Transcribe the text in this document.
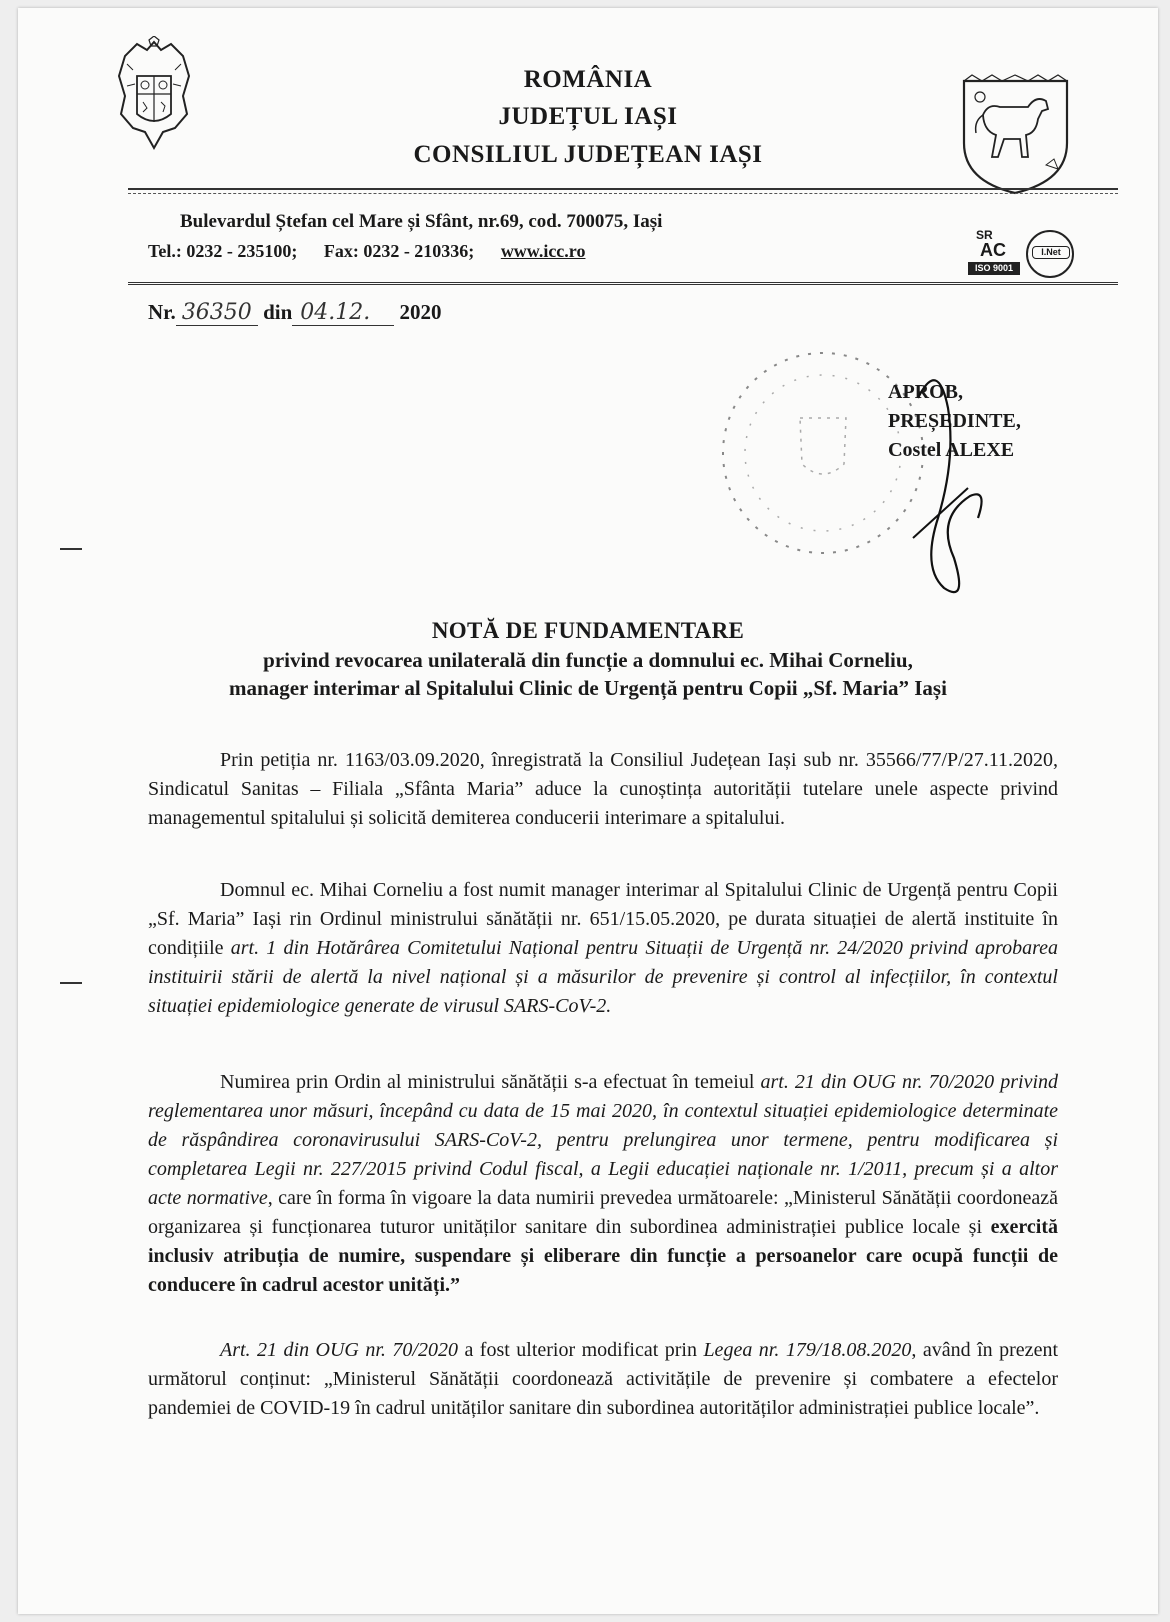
ROMÂNIA
JUDEȚUL IAȘI
CONSILIUL JUDEȚEAN IAȘI
Bulevardul Ștefan cel Mare și Sfânt, nr.69, cod. 700075, Iași
Tel.: 0232 - 235100; Fax: 0232 - 210336; www.icc.ro
SR
AC
ISO 9001
I.Net
Nr. 36350 din 04.12. 2020
APROB,
PREȘEDINTE,
Costel ALEXE
NOTĂ DE FUNDAMENTARE
privind revocarea unilaterală din funcție a domnului ec. Mihai Corneliu,
manager interimar al Spitalului Clinic de Urgență pentru Copii „Sf. Maria” Iași
Prin petiția nr. 1163/03.09.2020, înregistrată la Consiliul Județean Iași sub nr. 35566/77/P/27.11.2020, Sindicatul Sanitas – Filiala „Sfânta Maria” aduce la cunoștința autorității tutelare unele aspecte privind managementul spitalului și solicită demiterea conducerii interimare a spitalului.
Domnul ec. Mihai Corneliu a fost numit manager interimar al Spitalului Clinic de Urgență pentru Copii „Sf. Maria” Iași rin Ordinul ministrului sănătății nr. 651/15.05.2020, pe durata situației de alertă instituite în condițiile art. 1 din Hotărârea Comitetului Național pentru Situații de Urgență nr. 24/2020 privind aprobarea instituirii stării de alertă la nivel național și a măsurilor de prevenire și control al infecțiilor, în contextul situației epidemiologice generate de virusul SARS-CoV-2.
Numirea prin Ordin al ministrului sănătății s-a efectuat în temeiul art. 21 din OUG nr. 70/2020 privind reglementarea unor măsuri, începând cu data de 15 mai 2020, în contextul situației epidemiologice determinate de răspândirea coronavirusului SARS-CoV-2, pentru prelungirea unor termene, pentru modificarea și completarea Legii nr. 227/2015 privind Codul fiscal, a Legii educației naționale nr. 1/2011, precum și a altor acte normative, care în forma în vigoare la data numirii prevedea următoarele: „Ministerul Sănătății coordonează organizarea și funcționarea tuturor unităților sanitare din subordinea administrației publice locale și exercită inclusiv atribuția de numire, suspendare și eliberare din funcție a persoanelor care ocupă funcții de conducere în cadrul acestor unități.”
Art. 21 din OUG nr. 70/2020 a fost ulterior modificat prin Legea nr. 179/18.08.2020, având în prezent următorul conținut: „Ministerul Sănătății coordonează activitățile de prevenire și combatere a efectelor pandemiei de COVID-19 în cadrul unităților sanitare din subordinea autorităților administrației publice locale”.
